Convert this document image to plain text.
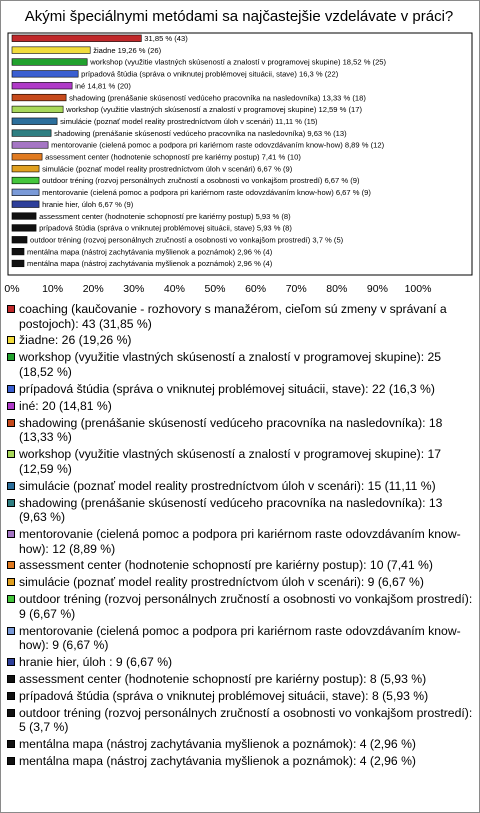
Akými špeciálnymi metódami sa najčastejšie vzdelávate v práci?
31,85 % (43)
žiadne 19,26 % (26)
workshop (využitie vlastných skúseností a znalostí v programovej skupine) 18,52 % (25)
prípadová štúdia (správa o vniknutej problémovej situácii, stave) 16,3 % (22)
iné 14,81 % (20)
shadowing (prenášanie skúseností vedúceho pracovníka na nasledovníka) 13,33 % (18)
workshop (využitie vlastných skúseností a znalostí v programovej skupine) 12,59 % (17)
simulácie (poznať model reality prostredníctvom úloh v scenári) 11,11 % (15)
shadowing (prenášanie skúseností vedúceho pracovníka na nasledovníka) 9,63 % (13)
mentorovanie (cielená pomoc a podpora pri kariérnom raste odovzdávaním know-how) 8,89 % (12)
assessment center (hodnotenie schopností pre kariérny postup) 7,41 % (10)
simulácie (poznať model reality prostredníctvom úloh v scenári) 6,67 % (9)
outdoor tréning (rozvoj personálnych zručností a osobnosti vo vonkajšom prostredí) 6,67 % (9)
mentorovanie (cielená pomoc a podpora pri kariérnom raste odovzdávaním know-how) 6,67 % (9)
hranie hier, úloh 6,67 % (9)
assessment center (hodnotenie schopností pre kariérny postup) 5,93 % (8)
prípadová štúdia (správa o vniknutej problémovej situácii, stave) 5,93 % (8)
outdoor tréning (rozvoj personálnych zručností a osobnosti vo vonkajšom prostredí) 3,7 % (5)
mentálna mapa (nástroj zachytávania myšlienok a poznámok) 2,96 % (4)
mentálna mapa (nástroj zachytávania myšlienok a poznámok) 2,96 % (4)
0% 10% 20% 30% 40% 50% 60% 70% 80% 90% 100%
coaching (kaučovanie - rozhovory s manažérom, cieľom sú zmeny v správaní a postojoch): 43 (31,85 %)
žiadne: 26 (19,26 %)
workshop (využitie vlastných skúseností a znalostí v programovej skupine): 25 (18,52 %)
prípadová štúdia (správa o vniknutej problémovej situácii, stave): 22 (16,3 %)
iné: 20 (14,81 %)
shadowing (prenášanie skúseností vedúceho pracovníka na nasledovníka): 18 (13,33 %)
workshop (využitie vlastných skúseností a znalostí v programovej skupine): 17 (12,59 %)
simulácie (poznať model reality prostredníctvom úloh v scenári): 15 (11,11 %)
shadowing (prenášanie skúseností vedúceho pracovníka na nasledovníka): 13 (9,63 %)
mentorovanie (cielená pomoc a podpora pri kariérnom raste odovzdávaním know-how): 12 (8,89 %)
assessment center (hodnotenie schopností pre kariérny postup): 10 (7,41 %)
simulácie (poznať model reality prostredníctvom úloh v scenári): 9 (6,67 %)
outdoor tréning (rozvoj personálnych zručností a osobnosti vo vonkajšom prostredí): 9 (6,67 %)
mentorovanie (cielená pomoc a podpora pri kariérnom raste odovzdávaním know-how): 9 (6,67 %)
hranie hier, úloh : 9 (6,67 %)
assessment center (hodnotenie schopností pre kariérny postup): 8 (5,93 %)
prípadová štúdia (správa o vniknutej problémovej situácii, stave): 8 (5,93 %)
outdoor tréning (rozvoj personálnych zručností a osobnosti vo vonkajšom prostredí): 5 (3,7 %)
mentálna mapa (nástroj zachytávania myšlienok a poznámok): 4 (2,96 %)
mentálna mapa (nástroj zachytávania myšlienok a poznámok): 4 (2,96 %)
